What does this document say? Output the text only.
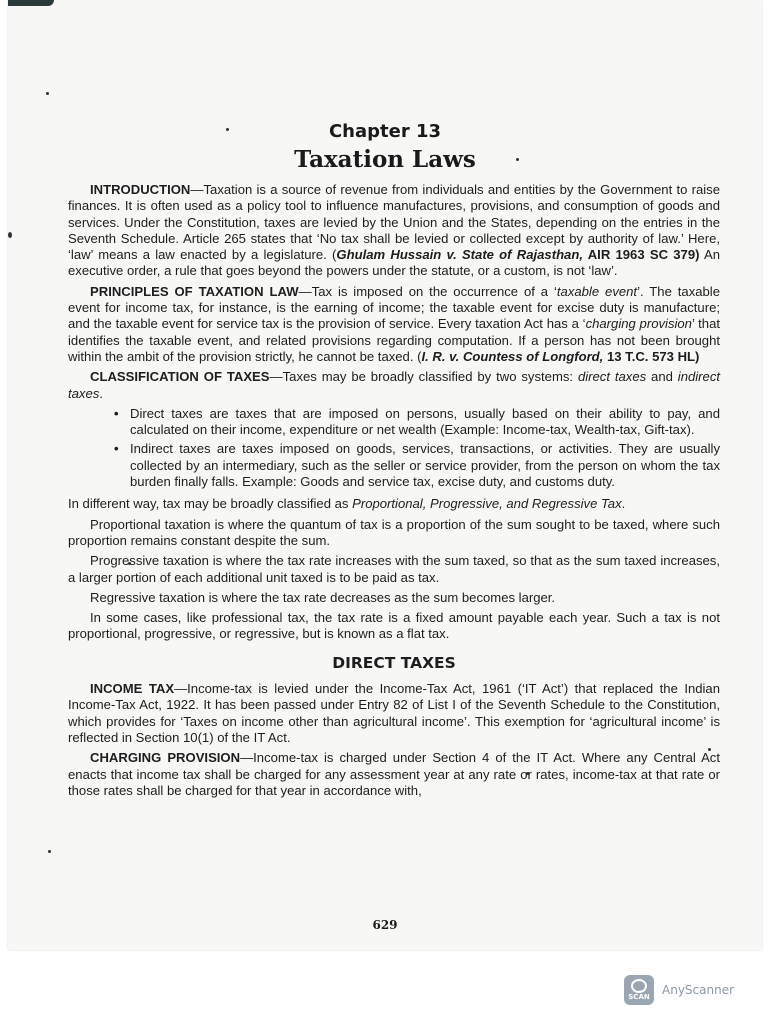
Chapter 13
Taxation Laws

INTRODUCTION—Taxation is a source of revenue from individuals and entities by the Government to raise finances. It is often used as a policy tool to influence manufactures, provisions, and consumption of goods and services. Under the Constitution, taxes are levied by the Union and the States, depending on the entries in the Seventh Schedule. Article 265 states that ‘No tax shall be levied or collected except by authority of law.’ Here, ‘law’ means a law enacted by a legislature. (Ghulam Hussain v. State of Rajasthan, AIR 1963 SC 379) An executive order, a rule that goes beyond the powers under the statute, or a custom, is not ‘law’.

PRINCIPLES OF TAXATION LAW—Tax is imposed on the occurrence of a ‘taxable event’. The taxable event for income tax, for instance, is the earning of income; the taxable event for excise duty is manufacture; and the taxable event for service tax is the provision of service. Every taxation Act has a ‘charging provision’ that identifies the taxable event, and related provisions regarding computation. If a person has not been brought within the ambit of the provision strictly, he cannot be taxed. (I. R. v. Countess of Longford, 13 T.C. 573 HL)

CLASSIFICATION OF TAXES—Taxes may be broadly classified by two systems: direct taxes and indirect taxes.

• Direct taxes are taxes that are imposed on persons, usually based on their ability to pay, and calculated on their income, expenditure or net wealth (Example: Income-tax, Wealth-tax, Gift-tax).
• Indirect taxes are taxes imposed on goods, services, transactions, or activities. They are usually collected by an intermediary, such as the seller or service provider, from the person on whom the tax burden finally falls. Example: Goods and service tax, excise duty, and customs duty.

In different way, tax may be broadly classified as Proportional, Progressive, and Regressive Tax.

Proportional taxation is where the quantum of tax is a proportion of the sum sought to be taxed, where such proportion remains constant despite the sum.

Progressive taxation is where the tax rate increases with the sum taxed, so that as the sum taxed increases, a larger portion of each additional unit taxed is to be paid as tax.

Regressive taxation is where the tax rate decreases as the sum becomes larger.

In some cases, like professional tax, the tax rate is a fixed amount payable each year. Such a tax is not proportional, progressive, or regressive, but is known as a flat tax.

DIRECT TAXES

INCOME TAX—Income-tax is levied under the Income-Tax Act, 1961 (‘IT Act’) that replaced the Indian Income-Tax Act, 1922. It has been passed under Entry 82 of List I of the Seventh Schedule to the Constitution, which provides for ‘Taxes on income other than agricultural income’. This exemption for ‘agricultural income’ is reflected in Section 10(1) of the IT Act.

CHARGING PROVISION—Income-tax is charged under Section 4 of the IT Act. Where any Central Act enacts that income tax shall be charged for any assessment year at any rate or rates, income-tax at that rate or those rates shall be charged for that year in accordance with,

629
SCAN AnyScanner
